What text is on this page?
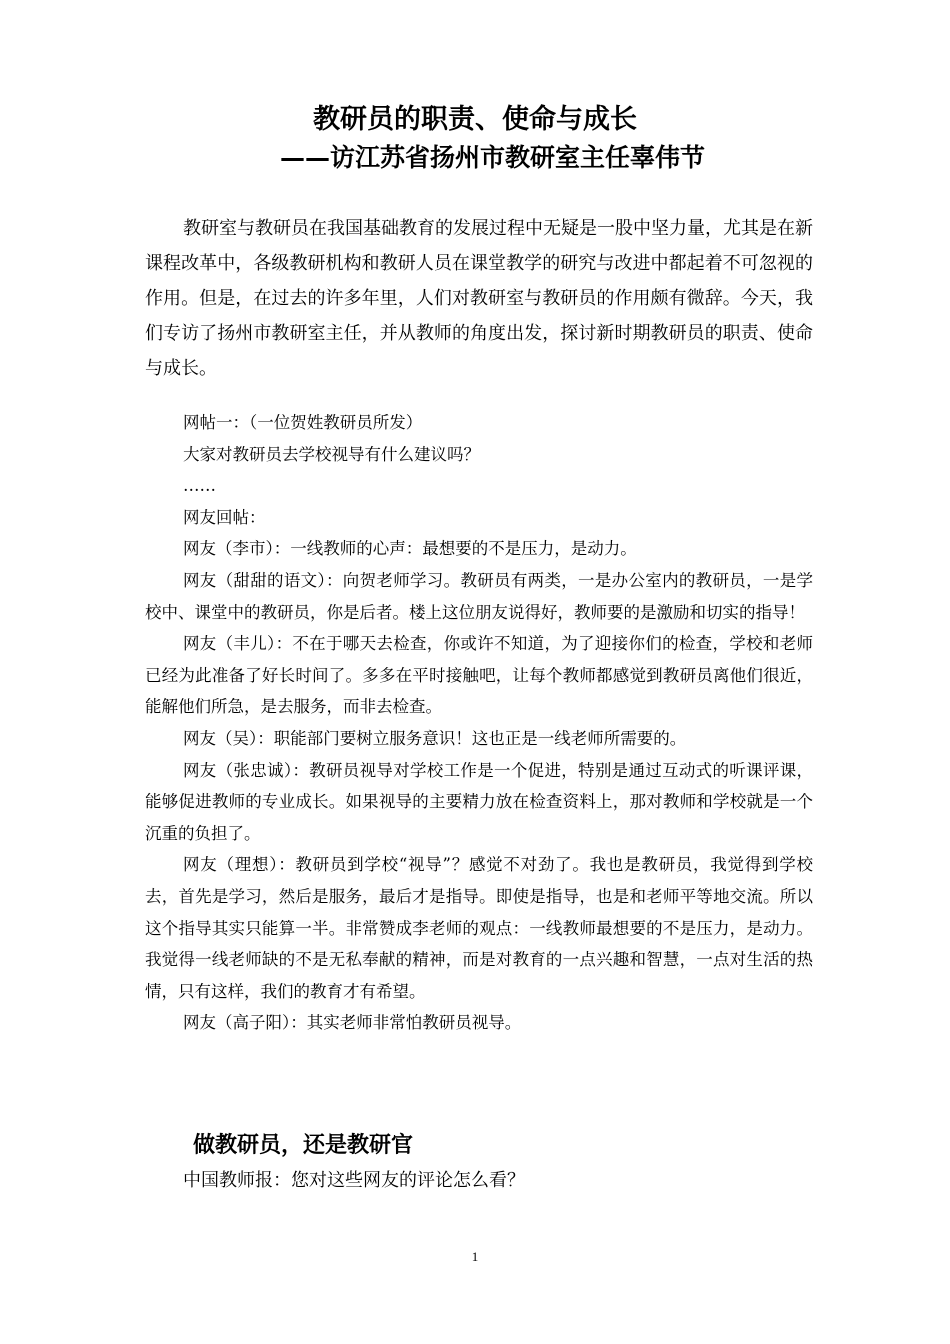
教研员的职责、使命与成长
——访江苏省扬州市教研室主任辜伟节

教研室与教研员在我国基础教育的发展过程中无疑是一股中坚力量，尤其是在新课程改革中，各级教研机构和教研人员在课堂教学的研究与改进中都起着不可忽视的作用。但是，在过去的许多年里，人们对教研室与教研员的作用颇有微辞。今天，我们专访了扬州市教研室主任，并从教师的角度出发，探讨新时期教研员的职责、使命与成长。

网帖一：（一位贺姓教研员所发）

大家对教研员去学校视导有什么建议吗？

……

网友回帖：

网友（李市）：一线教师的心声：最想要的不是压力，是动力。

网友（甜甜的语文）：向贺老师学习。教研员有两类，一是办公室内的教研员，一是学校中、课堂中的教研员，你是后者。楼上这位朋友说得好，教师要的是激励和切实的指导！

网友（丰儿）：不在于哪天去检查，你或许不知道，为了迎接你们的检查，学校和老师已经为此准备了好长时间了。多多在平时接触吧，让每个教师都感觉到教研员离他们很近，能解他们所急，是去服务，而非去检查。

网友（吴）：职能部门要树立服务意识！这也正是一线老师所需要的。

网友（张忠诚）：教研员视导对学校工作是一个促进，特别是通过互动式的听课评课，能够促进教师的专业成长。如果视导的主要精力放在检查资料上，那对教师和学校就是一个沉重的负担了。

网友（理想）：教研员到学校“视导”？感觉不对劲了。我也是教研员，我觉得到学校去，首先是学习，然后是服务，最后才是指导。即使是指导，也是和老师平等地交流。所以这个指导其实只能算一半。非常赞成李老师的观点：一线教师最想要的不是压力，是动力。我觉得一线老师缺的不是无私奉献的精神，而是对教育的一点兴趣和智慧，一点对生活的热情，只有这样，我们的教育才有希望。

网友（高子阳）：其实老师非常怕教研员视导。

做教研员，还是教研官

中国教师报：您对这些网友的评论怎么看？

1
